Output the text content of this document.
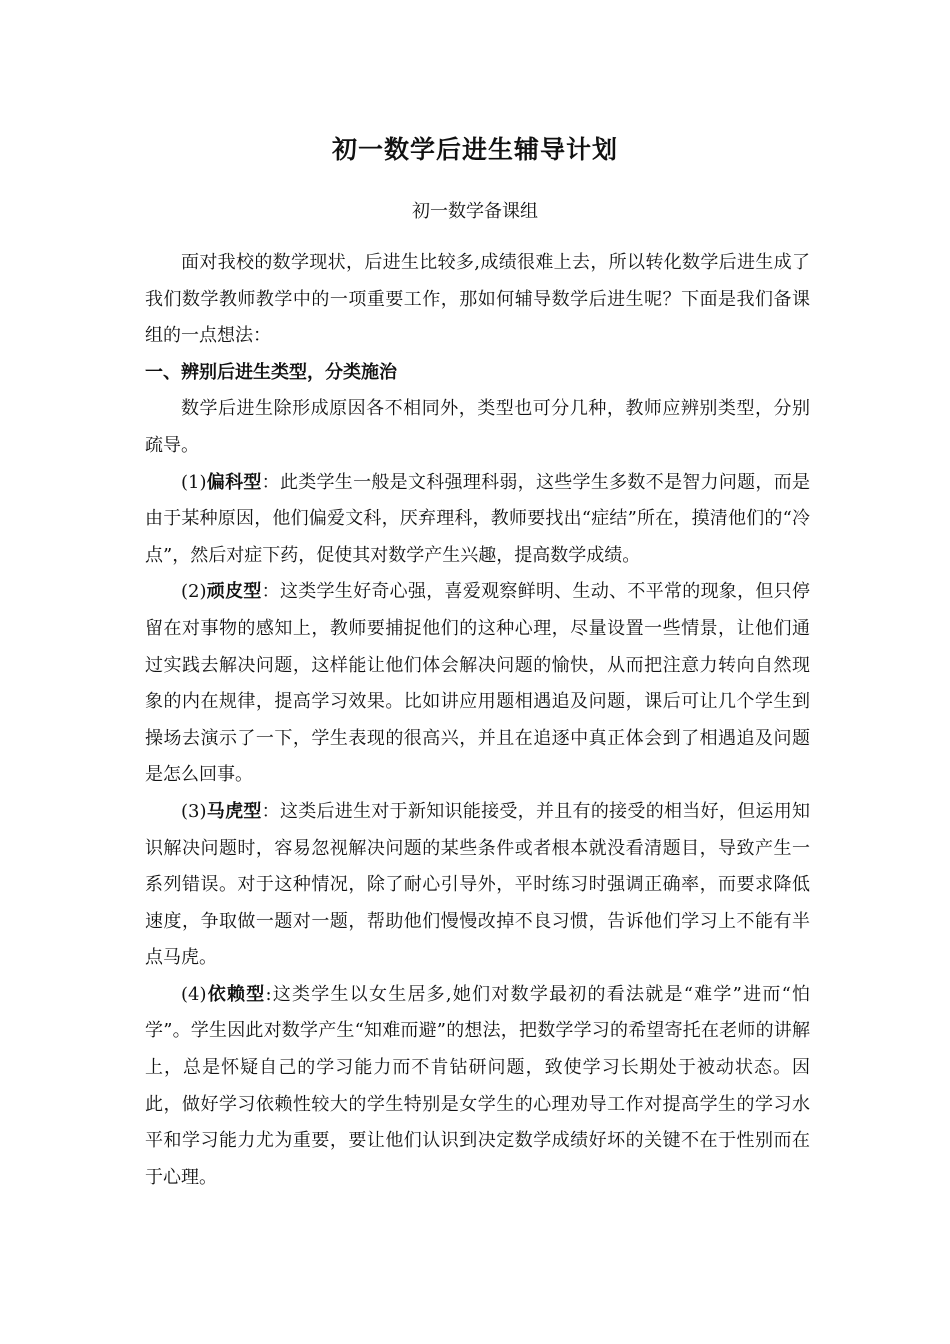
初一数学后进生辅导计划
初一数学备课组

面对我校的数学现状，后进生比较多,成绩很难上去，所以转化数学后进生成了我们数学教师教学中的一项重要工作，那如何辅导数学后进生呢？下面是我们备课组的一点想法：

一、辨别后进生类型，分类施治

数学后进生除形成原因各不相同外，类型也可分几种，教师应辨别类型，分别疏导。

(1)偏科型：此类学生一般是文科强理科弱，这些学生多数不是智力问题，而是由于某种原因，他们偏爱文科，厌弃理科，教师要找出“症结”所在，摸清他们的“冷点”，然后对症下药，促使其对数学产生兴趣，提高数学成绩。

(2)顽皮型：这类学生好奇心强，喜爱观察鲜明、生动、不平常的现象，但只停留在对事物的感知上，教师要捕捉他们的这种心理，尽量设置一些情景，让他们通过实践去解决问题，这样能让他们体会解决问题的愉快，从而把注意力转向自然现象的内在规律，提高学习效果。比如讲应用题相遇追及问题，课后可让几个学生到操场去演示了一下，学生表现的很高兴，并且在追逐中真正体会到了相遇追及问题是怎么回事。

(3)马虎型：这类后进生对于新知识能接受，并且有的接受的相当好，但运用知识解决问题时，容易忽视解决问题的某些条件或者根本就没看清题目，导致产生一系列错误。对于这种情况，除了耐心引导外，平时练习时强调正确率，而要求降低速度，争取做一题对一题，帮助他们慢慢改掉不良习惯，告诉他们学习上不能有半点马虎。

(4)依赖型:这类学生以女生居多,她们对数学最初的看法就是“难学”进而“怕学”。学生因此对数学产生“知难而避”的想法，把数学学习的希望寄托在老师的讲解上，总是怀疑自己的学习能力而不肯钻研问题，致使学习长期处于被动状态。因此，做好学习依赖性较大的学生特别是女学生的心理劝导工作对提高学生的学习水平和学习能力尤为重要，要让他们认识到决定数学成绩好坏的关键不在于性别而在于心理。
